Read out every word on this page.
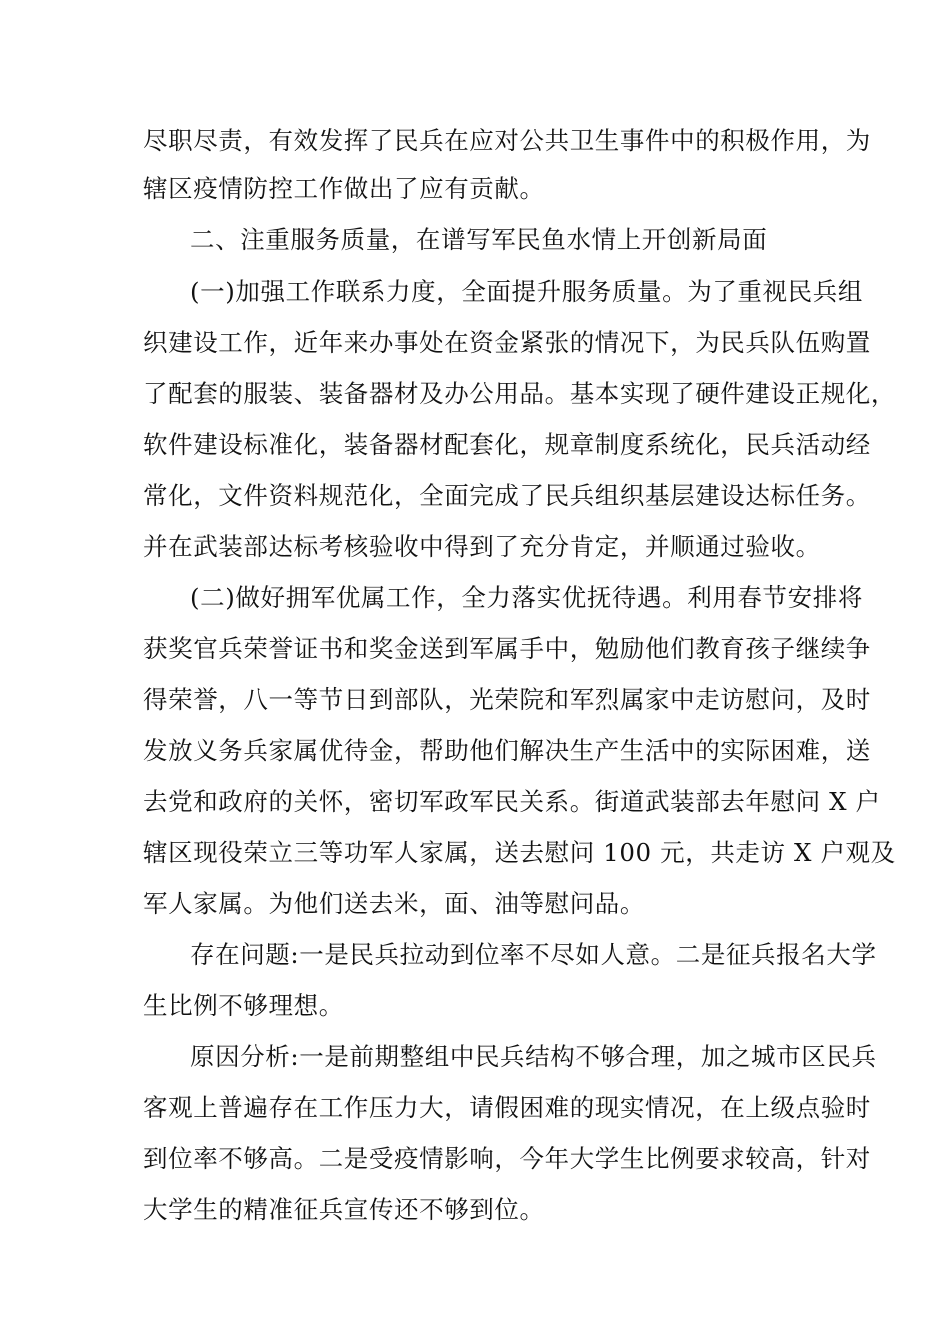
尽职尽责，有效发挥了民兵在应对公共卫生事件中的积极作用，为
辖区疫情防控工作做出了应有贡献。
二、注重服务质量，在谱写军民鱼水情上开创新局面
(一)加强工作联系力度，全面提升服务质量。为了重视民兵组
织建设工作，近年来办事处在资金紧张的情况下，为民兵队伍购置
了配套的服装、装备器材及办公用品。基本实现了硬件建设正规化，
软件建设标准化，装备器材配套化，规章制度系统化，民兵活动经
常化，文件资料规范化，全面完成了民兵组织基层建设达标任务。
并在武装部达标考核验收中得到了充分肯定，并顺通过验收。
(二)做好拥军优属工作，全力落实优抚待遇。利用春节安排将
获奖官兵荣誉证书和奖金送到军属手中，勉励他们教育孩子继续争
得荣誉，八一等节日到部队，光荣院和军烈属家中走访慰问，及时
发放义务兵家属优待金，帮助他们解决生产生活中的实际困难，送
去党和政府的关怀，密切军政军民关系。街道武装部去年慰问 X 户
辖区现役荣立三等功军人家属，送去慰问 100 元，共走访 X 户观及
军人家属。为他们送去米，面、油等慰问品。
存在问题:一是民兵拉动到位率不尽如人意。二是征兵报名大学
生比例不够理想。
原因分析:一是前期整组中民兵结构不够合理，加之城市区民兵
客观上普遍存在工作压力大，请假困难的现实情况，在上级点验时
到位率不够高。二是受疫情影响，今年大学生比例要求较高，针对
大学生的精准征兵宣传还不够到位。
